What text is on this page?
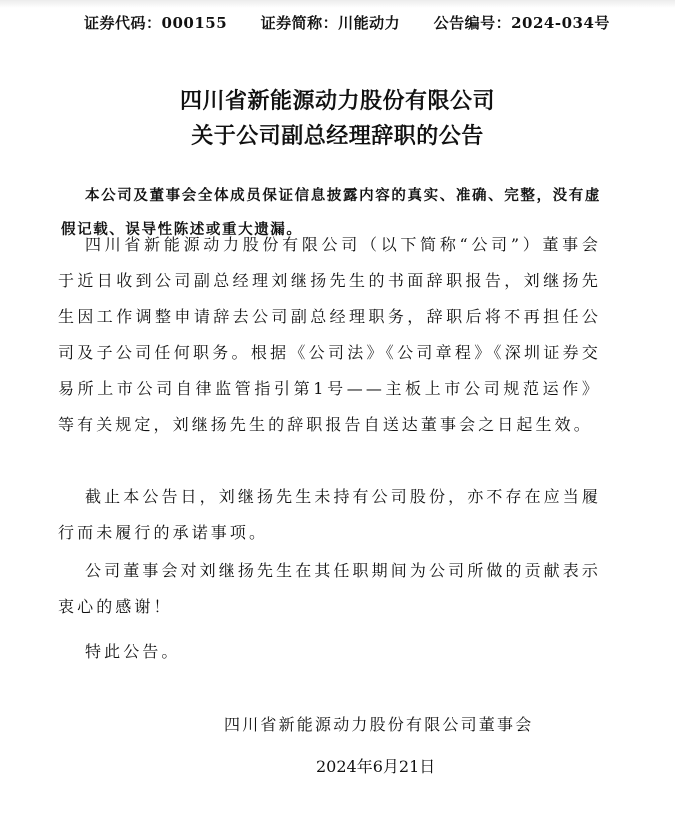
证券代码：000155 证券简称：川能动力 公告编号：2024-034号
四川省新能源动力股份有限公司
关于公司副总经理辞职的公告
本公司及董事会全体成员保证信息披露内容的真实、准确、完整，没有虚假记载、误导性陈述或重大遗漏。
四川省新能源动力股份有限公司（以下简称“公司”）董事会于近日收到公司副总经理刘继扬先生的书面辞职报告，刘继扬先生因工作调整申请辞去公司副总经理职务，辞职后将不再担任公司及子公司任何职务。根据《公司法》《公司章程》《深圳证券交易所上市公司自律监管指引第1号——主板上市公司规范运作》等有关规定，刘继扬先生的辞职报告自送达董事会之日起生效。
截止本公告日，刘继扬先生未持有公司股份，亦不存在应当履行而未履行的承诺事项。
公司董事会对刘继扬先生在其任职期间为公司所做的贡献表示衷心的感谢！
特此公告。
四川省新能源动力股份有限公司董事会
2024年6月21日
